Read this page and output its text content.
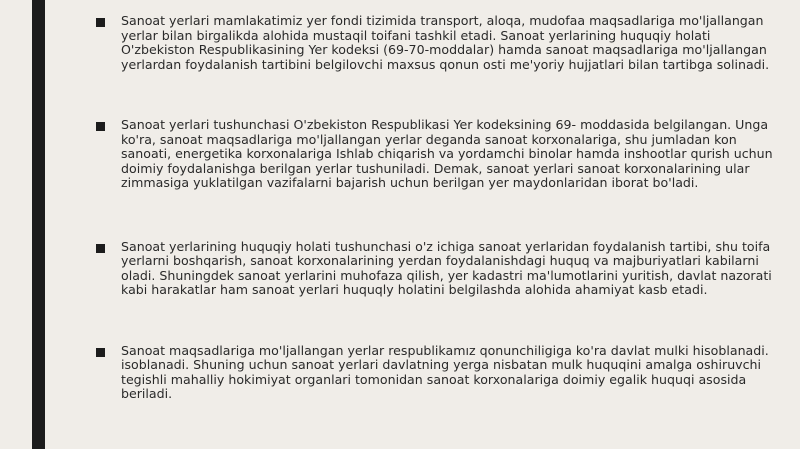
Sanoat yerlari mamlakatimiz yer fondi tizimida transport, aloqa, mudofaa maqsadlariga mo'ljallangan yerlar bilan birgalikda alohida mustaqil toifani tashkil etadi. Sanoat yerlarining huquqiy holati O'zbekiston Respublikasining Yer kodeksi (69-70-moddalar) hamda sanoat maqsadlariga mo'ljallangan yerlardan foydalanish tartibini belgilovchi maxsus qonun osti me'yoriy hujjatlari bilan tartibga solinadi.
Sanoat yerlari tushunchasi O'zbekiston Respublikasi Yer kodeksining 69- moddasida belgilangan. Unga ko'ra, sanoat maqsadlariga mo'ljallangan yerlar deganda sanoat korxonalariga, shu jumladan kon sanoati, energetika korxonalariga Ishlab chiqarish va yordamchi binolar hamda inshootlar qurish uchun doimiy foydalanishga berilgan yerlar tushuniladi. Demak, sanoat yerlari sanoat korxonalarining ular zimmasiga yuklatilgan vazifalarni bajarish uchun berilgan yer maydonlaridan iborat bo'ladi.
Sanoat yerlarining huquqiy holati tushunchasi o'z ichiga sanoat yerlaridan foydalanish tartibi, shu toifa yerlarni boshqarish, sanoat korxonalarining yerdan foydalanishdagi huquq va majburiyatlari kabilarni oladi. Shuningdek sanoat yerlarini muhofaza qilish, yer kadastri ma'lumotlarini yuritish, davlat nazorati kabi harakatlar ham sanoat yerlari huquqly holatini belgilashda alohida ahamiyat kasb etadi.
Sanoat maqsadlariga mo'ljallangan yerlar respublikamız qonunchiligiga ko'ra davlat mulki hisoblanadi. isoblanadi. Shuning uchun sanoat yerlari davlatning yerga nisbatan mulk huquqini amalga oshiruvchi tegishli mahalliy hokimiyat organlari tomonidan sanoat korxonalariga doimiy egalik huquqi asosida beriladi.
